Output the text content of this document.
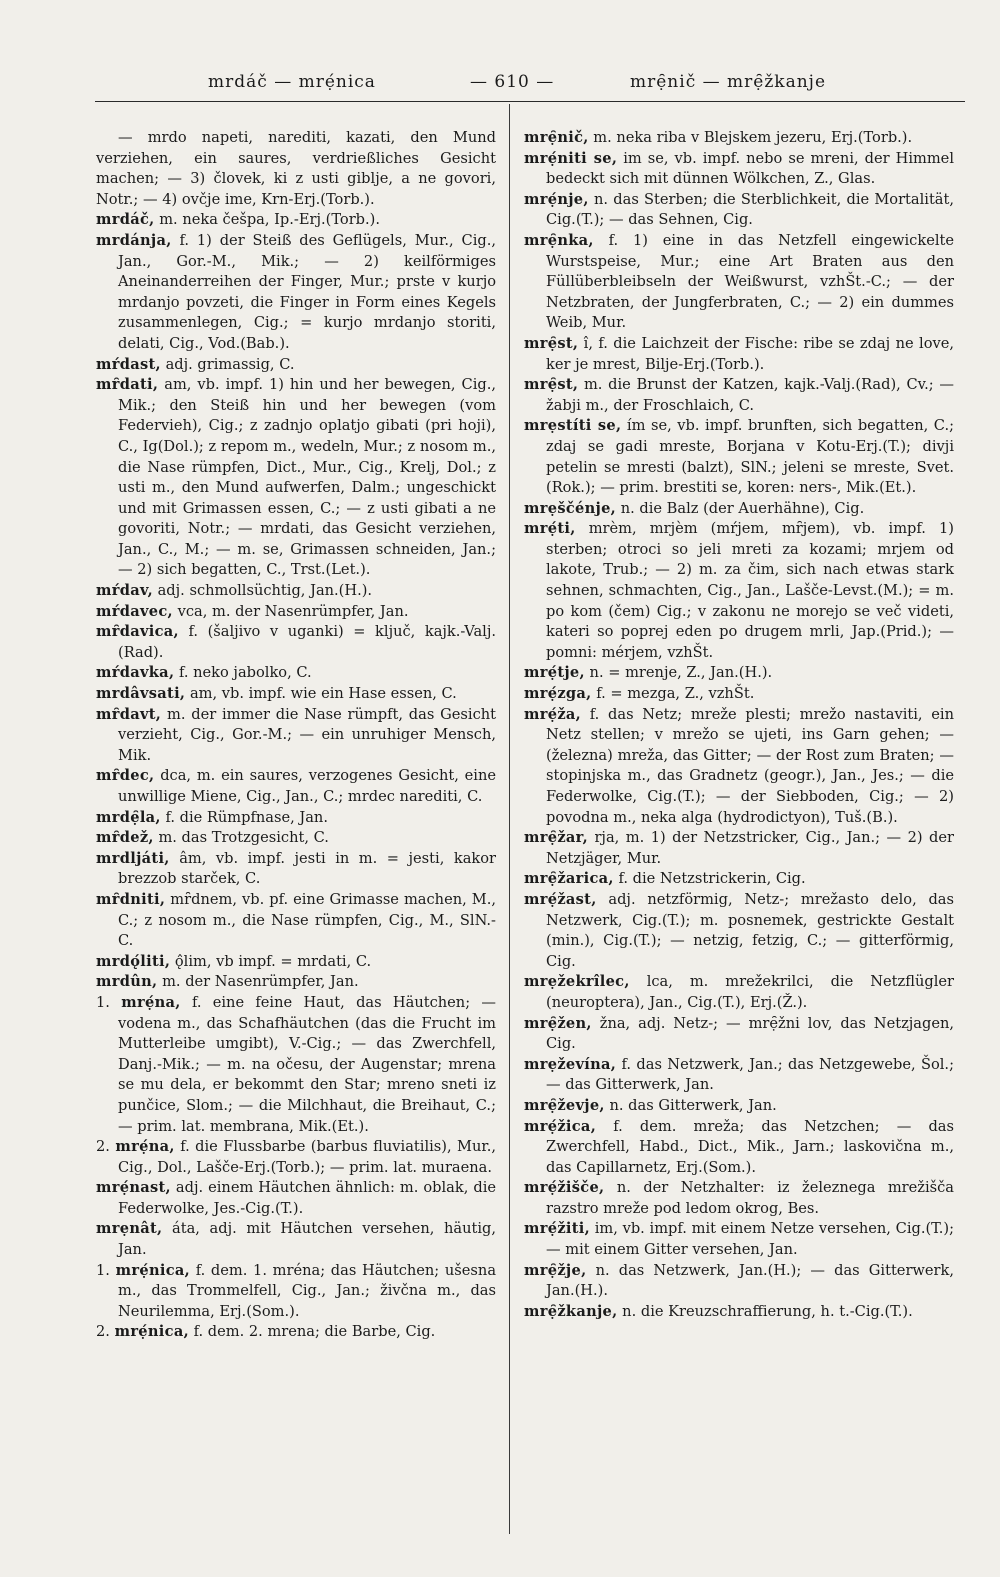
mrdáč — mrẹ́nica	— 610 —	mrẹ̑nič — mrẹ̑žkanje

— mrdo napeti, narediti, kazati, den Mund verziehen, ein saures, verdrießliches Gesicht machen; — 3) človek, ki z usti giblje, a ne govori, Notr.; — 4) ovčje ime, Krn-Erj.(Torb.).

mrdáč, m. neka češpa, Ip.-Erj.(Torb.).

mrdánja, f. 1) der Steiß des Geflügels, Mur., Cig., Jan., Gor.-M., Mik.; — 2) keilförmiges Aneinanderreihen der Finger, Mur.; prste v kurjo mrdanjo povzeti, die Finger in Form eines Kegels zusammenlegen, Cig.; = kurjo mrdanjo storiti, delati, Cig., Vod.(Bab.).

mŕdast, adj. grimassig, C.

mȓdati, am, vb. impf. 1) hin und her bewegen, Cig., Mik.; den Steiß hin und her bewegen (vom Federvieh), Cig.; z zadnjo oplatjo gibati (pri hoji), C., Ig(Dol.); z repom m., wedeln, Mur.; z nosom m., die Nase rümpfen, Dict., Mur., Cig., Krelj, Dol.; z usti m., den Mund aufwerfen, Dalm.; ungeschickt und mit Grimassen essen, C.; — z usti gibati a ne govoriti, Notr.; — mrdati, das Gesicht verziehen, Jan., C., M.; — m. se, Grimassen schneiden, Jan.; — 2) sich begatten, C., Trst.(Let.).

mŕdav, adj. schmollsüchtig, Jan.(H.).

mŕdavec, vca, m. der Nasenrümpfer, Jan.

mȓdavica, f. (šaljivo v uganki) = ključ, kajk.-Valj.(Rad).

mŕdavka, f. neko jabolko, C.

mrdâvsati, am, vb. impf. wie ein Hase essen, C.

mȓdavt, m. der immer die Nase rümpft, das Gesicht verzieht, Cig., Gor.-M.; — ein unruhiger Mensch, Mik.

mȓdec, dca, m. ein saures, verzogenes Gesicht, eine unwillige Miene, Cig., Jan., C.; mrdec narediti, C.

mrdẹ̑la, f. die Rümpfnase, Jan.

mȓdež, m. das Trotzgesicht, C.

mrdljáti, âm, vb. impf. jesti in m. = jesti, kakor brezzob starček, C.

mȓdniti, mȓdnem, vb. pf. eine Grimasse machen, M., C.; z nosom m., die Nase rümpfen, Cig., M., SlN.-C.

mrdǫ́liti, ǫ̂lim, vb impf. = mrdati, C.

mrdûn, m. der Nasenrümpfer, Jan.

1. mrẹ́na, f. eine feine Haut, das Häutchen; — vodena m., das Schafhäutchen (das die Frucht im Mutterleibe umgibt), V.-Cig.; — das Zwerchfell, Danj.-Mik.; — m. na očesu, der Augenstar; mrena se mu dela, er bekommt den Star; mreno sneti iz punčice, Slom.; — die Milchhaut, die Breihaut, C.; — prim. lat. membrana, Mik.(Et.).

2. mrẹ́na, f. die Flussbarbe (barbus fluviatilis), Mur., Cig., Dol., Lašče-Erj.(Torb.); — prim. lat. muraena.

mrẹ́nast, adj. einem Häutchen ähnlich: m. oblak, die Federwolke, Jes.-Cig.(T.).

mrẹnât, áta, adj. mit Häutchen versehen, häutig, Jan.

1. mrẹ́nica, f. dem. 1. mréna; das Häutchen; ušesna m., das Trommelfell, Cig., Jan.; živčna m., das Neurilemma, Erj.(Som.).

2. mrẹ́nica, f. dem. 2. mrena; die Barbe, Cig.

mrẹ̑nič, m. neka riba v Blejskem jezeru, Erj.(Torb.).

mrẹ́niti se, im se, vb. impf. nebo se mreni, der Himmel bedeckt sich mit dünnen Wölkchen, Z., Glas.

mrẹ́nje, n. das Sterben; die Sterblichkeit, die Mortalität, Cig.(T.); — das Sehnen, Cig.

mrẹ̑nka, f. 1) eine in das Netzfell eingewickelte Wurstspeise, Mur.; eine Art Braten aus den Füllüberbleibseln der Weißwurst, vzhŠt.-C.; — der Netzbraten, der Jungferbraten, C.; — 2) ein dummes Weib, Mur.

mrẹ̑st, î, f. die Laichzeit der Fische: ribe se zdaj ne love, ker je mrest, Bilje-Erj.(Torb.).

mrẹ̑st, m. die Brunst der Katzen, kajk.-Valj.(Rad), Cv.; — žabji m., der Froschlaich, C.

mrẹstíti se, ím se, vb. impf. brunften, sich begatten, C.; zdaj se gadi mreste, Borjana v Kotu-Erj.(T.); divji petelin se mresti (balzt), SlN.; jeleni se mreste, Svet.(Rok.); — prim. brestiti se, koren: ners-, Mik.(Et.).

mrẹščénje, n. die Balz (der Auerhähne), Cig.

mrẹ́ti, mrèm, mrjèm (mŕjem, mȓjem), vb. impf. 1) sterben; otroci so jeli mreti za kozami; mrjem od lakote, Trub.; — 2) m. za čim, sich nach etwas stark sehnen, schmachten, Cig., Jan., Lašče-Levst.(M.); = m. po kom (čem) Cig.; v zakonu ne morejo se več videti, kateri so poprej eden po drugem mrli, Jap.(Prid.); — pomni: mérjem, vzhŠt.

mrẹ́tje, n. = mrenje, Z., Jan.(H.).

mrẹ́zga, f. = mezga, Z., vzhŠt.

mrẹ́ža, f. das Netz; mreže plesti; mrežo nastaviti, ein Netz stellen; v mrežo se ujeti, ins Garn gehen; — (železna) mreža, das Gitter; — der Rost zum Braten; — stopinjska m., das Gradnetz (geogr.), Jan., Jes.; — die Federwolke, Cig.(T.); — der Siebboden, Cig.; — 2) povodna m., neka alga (hydrodictyon), Tuš.(B.).

mrẹ̑žar, rja, m. 1) der Netzstricker, Cig., Jan.; — 2) der Netzjäger, Mur.

mrẹ̑žarica, f. die Netzstrickerin, Cig.

mrẹ́žast, adj. netzförmig, Netz-; mrežasto delo, das Netzwerk, Cig.(T.); m. posnemek, gestrickte Gestalt (min.), Cig.(T.); — netzig, fetzig, C.; — gitterförmig, Cig.

mrẹžekrîlec, lca, m. mrežekrilci, die Netzflügler (neuroptera), Jan., Cig.(T.), Erj.(Ž.).

mrẹ̑žen, žna, adj. Netz-; — mrẹ̑žni lov, das Netzjagen, Cig.

mrẹževína, f. das Netzwerk, Jan.; das Netzgewebe, Šol.; — das Gitterwerk, Jan.

mrẹ̑ževje, n. das Gitterwerk, Jan.

mrẹ́žica, f. dem. mreža; das Netzchen; — das Zwerchfell, Habd., Dict., Mik., Jarn.; laskovična m., das Capillarnetz, Erj.(Som.).

mrẹ́žišče, n. der Netzhalter: iz železnega mrežišča razstro mreže pod ledom okrog, Bes.

mrẹ́žiti, im, vb. impf. mit einem Netze versehen, Cig.(T.); — mit einem Gitter versehen, Jan.

mrẹ̑žje, n. das Netzwerk, Jan.(H.); — das Gitterwerk, Jan.(H.).

mrẹ̑žkanje, n. die Kreuzschraffierung, h. t.-Cig.(T.).
